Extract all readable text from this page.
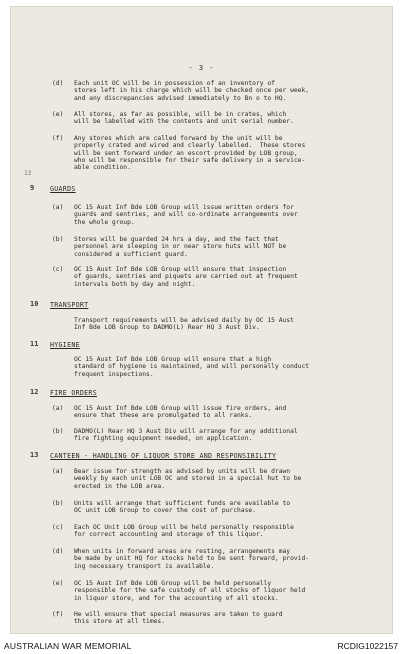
- 3 -
(d) Each unit OC will be in possession of an inventory of
stores left in his charge which will be checked once per week,
and any discrepancies advised immediately to Bn o to HQ.
(e) All stores, as far as possible, will be in crates, which
will be labelled with the contents and unit serial number.
(f) Any stores which are called forward by the unit will be
properly crated and wired and clearly labelled.  These stores
will be sent forward under an escort provided by LOB group,
who will be responsible for their safe delivery in a service-
able condition.
9 GUARDS
(a) OC 15 Aust Inf Bde LOB Group will issue written orders for
guards and sentries, and will co-ordinate arrangements over
the whole group.
(b) Stores will be guarded 24 hrs a day, and the fact that
personnel are sleeping in or near store huts will NOT be
considered a sufficient guard.
(c) OC 15 Aust Inf Bde LOB Group will ensure that inspection
of guards, sentries and piquets are carried out at frequent
intervals both by day and night.
10 TRANSPORT
Transport requirements will be advised daily by OC 15 Aust
Inf Bde LOB Group to DADMO(L) Rear HQ 3 Aust Div.
11 HYGIENE
OC 15 Aust Inf Bde LOB Group will ensure that a high
standard of hygiene is maintained, and will personally conduct
frequent inspections.
12 FIRE ORDERS
(a) OC 15 Aust Inf Bde LOB Group will issue fire orders, and
ensure that these are promulgated to all ranks.
(b) DADMO(L) Rear HQ 3 Aust Div will arrange for any additional
fire fighting equipment needed, on application.
13 CANTEEN - HANDLING OF LIQUOR STORE AND RESPONSIBILITY
(a) Bear issue for strength as advised by units will be drawn
weekly by each unit LOB OC and stored in a special hut to be
erected in the LOB area.
(b) Units will arrange that sufficient funds are available to
OC unit LOB Group to cover the cost of purchase.
(c) Each OC Unit LOB Group will be held personally responsible
for correct accounting and storage of this liquor.
(d) When units in forward areas are resting, arrangements may
be made by unit HQ for stocks held to be sent forward, provid-
ing necessary transport is available.
(e) OC 15 Aust Inf Bde LOB Group will be held personally
responsible for the safe custody of all stocks of liquor held
in liquor store, and for the accounting of all stocks.
(f) He will ensure that special measures are taken to guard
this store at all times.
13
AUSTRALIAN WAR MEMORIAL	RCDIG1022157
